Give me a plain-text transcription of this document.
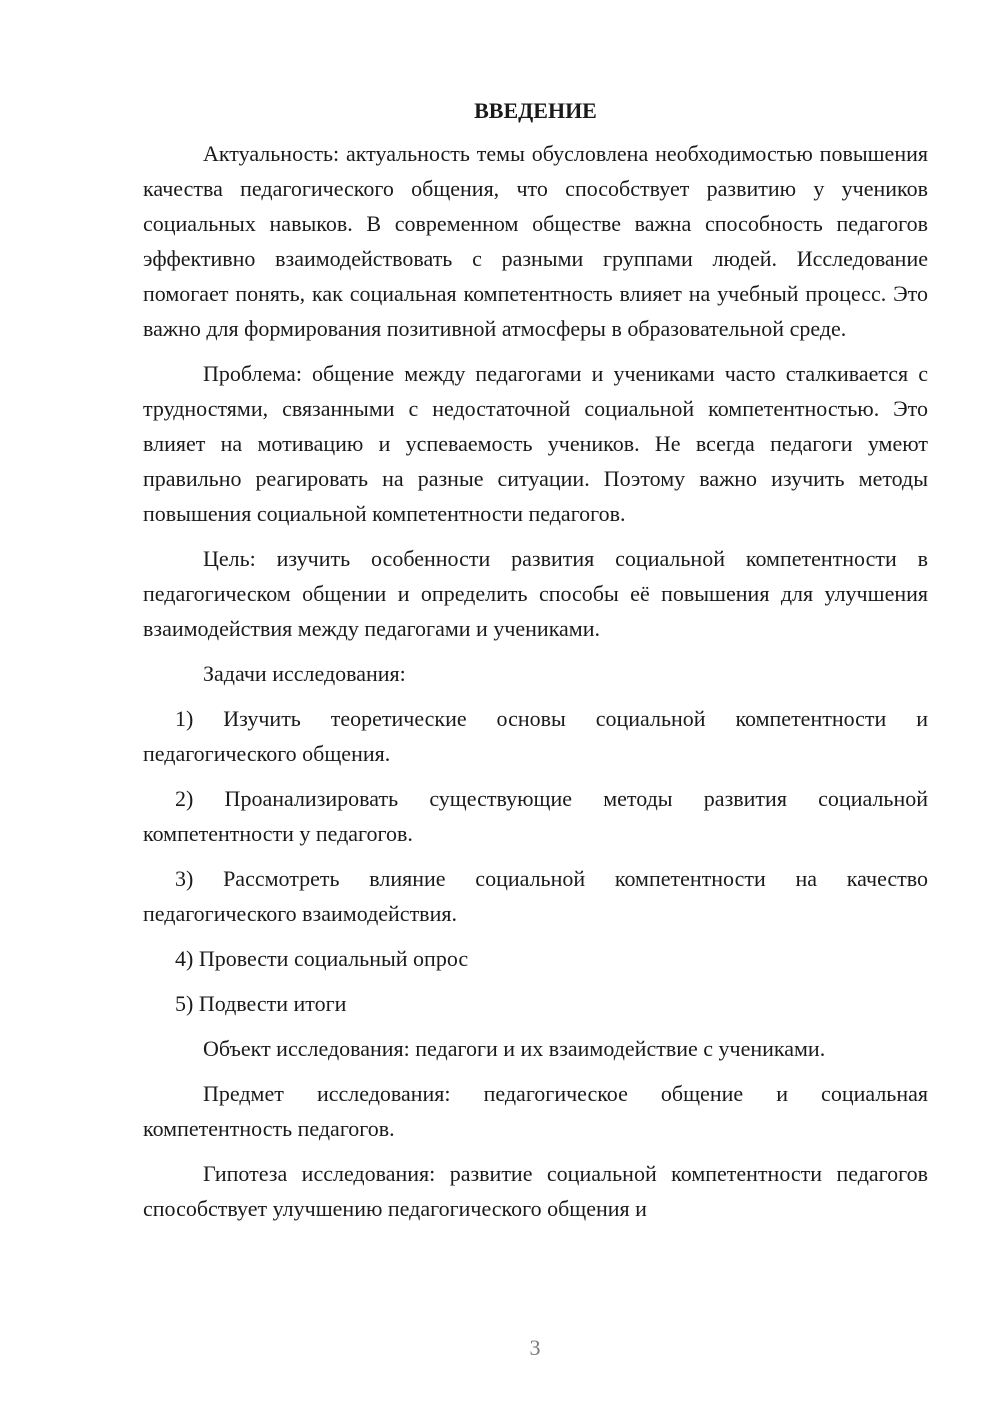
ВВЕДЕНИЕ

Актуальность: актуальность темы обусловлена необходимостью повышения качества педагогического общения, что способствует развитию у учеников социальных навыков. В современном обществе важна способность педагогов эффективно взаимодействовать с разными группами людей. Исследование помогает понять, как социальная компетентность влияет на учебный процесс. Это важно для формирования позитивной атмосферы в образовательной среде.

Проблема: общение между педагогами и учениками часто сталкивается с трудностями, связанными с недостаточной социальной компетентностью. Это влияет на мотивацию и успеваемость учеников. Не всегда педагоги умеют правильно реагировать на разные ситуации. Поэтому важно изучить методы повышения социальной компетентности педагогов.

Цель: изучить особенности развития социальной компетентности в педагогическом общении и определить способы её повышения для улучшения взаимодействия между педагогами и учениками.

Задачи исследования:

1) Изучить теоретические основы социальной компетентности и педагогического общения.

2) Проанализировать существующие методы развития социальной компетентности у педагогов.

3) Рассмотреть влияние социальной компетентности на качество педагогического взаимодействия.

4) Провести социальный опрос

5) Подвести итоги

Объект исследования: педагоги и их взаимодействие с учениками.

Предмет исследования: педагогическое общение и социальная компетентность педагогов.

Гипотеза исследования: развитие социальной компетентности педагогов способствует улучшению педагогического общения и

3
